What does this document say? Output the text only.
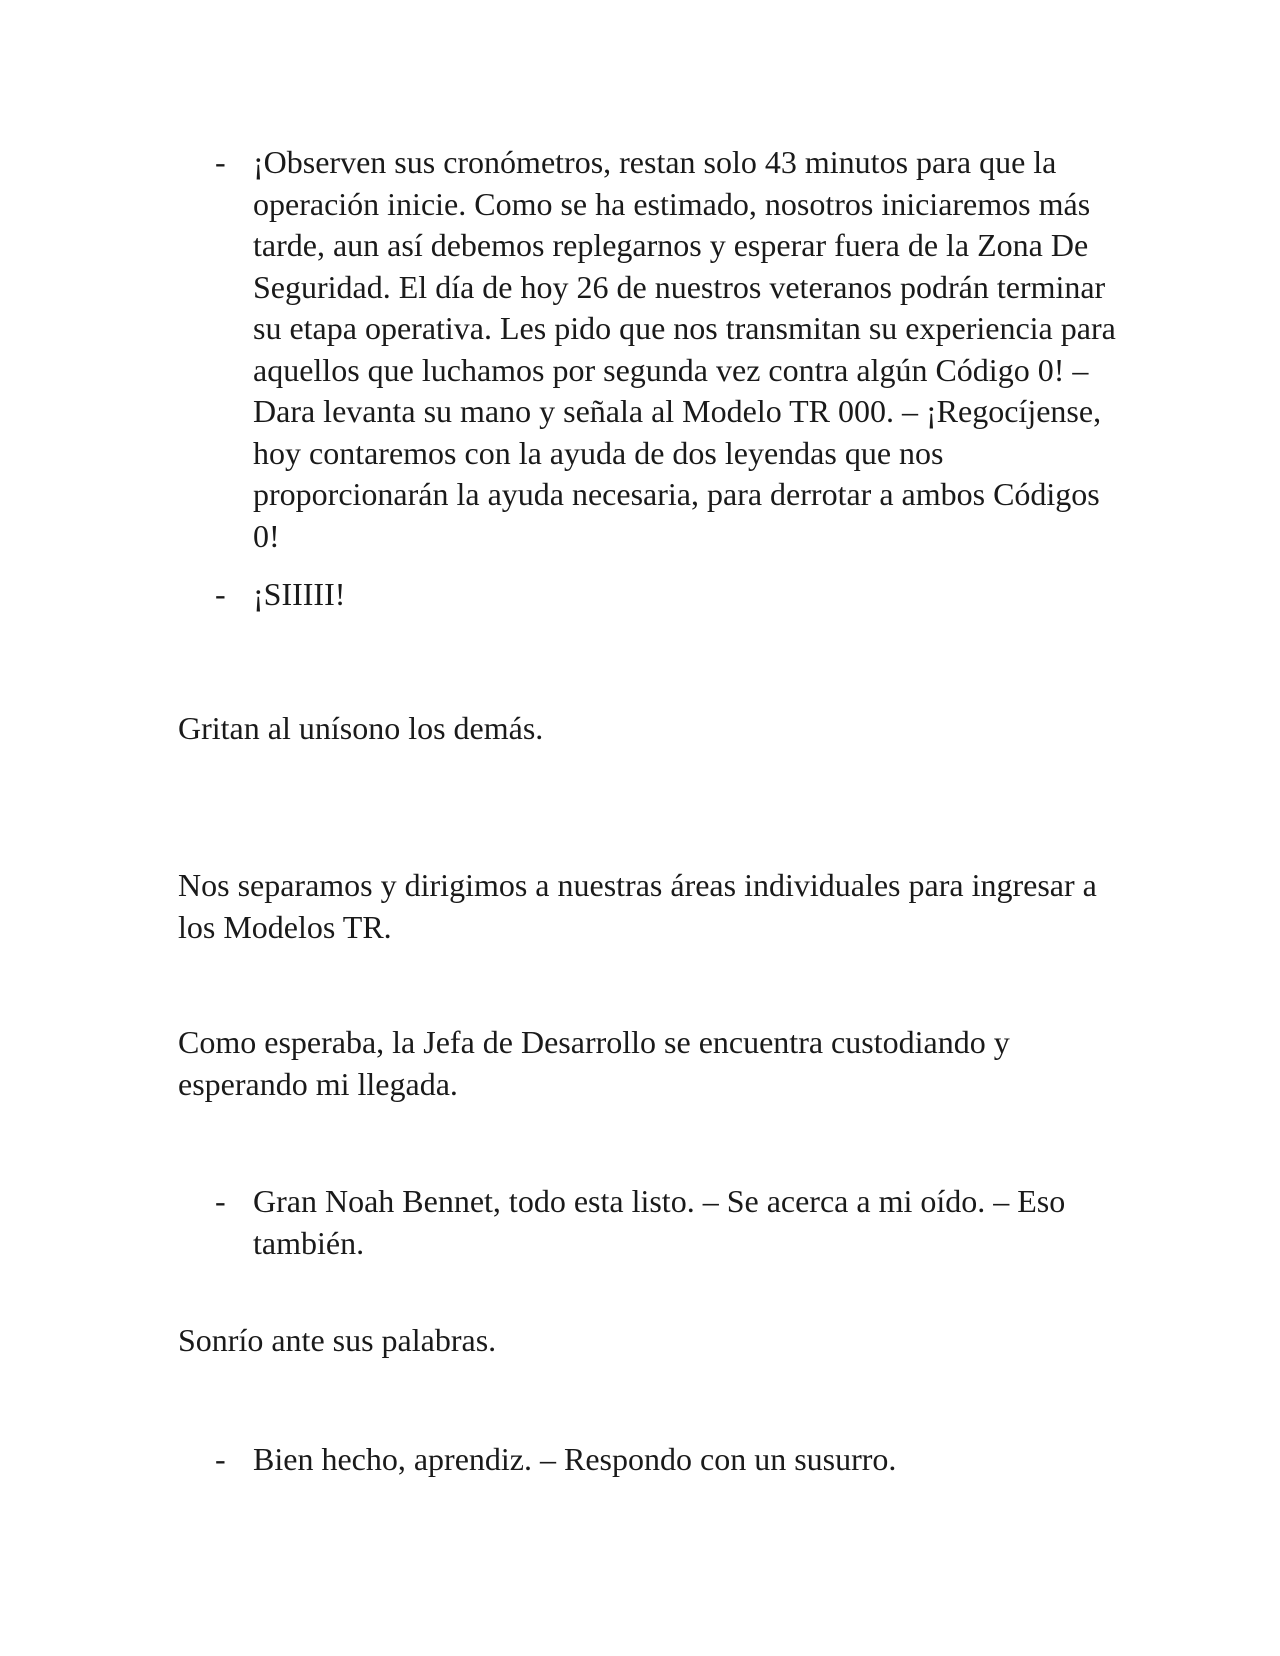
- ¡Observen sus cronómetros, restan solo 43 minutos para que la operación inicie. Como se ha estimado, nosotros iniciaremos más tarde, aun así debemos replegarnos y esperar fuera de la Zona De Seguridad. El día de hoy 26 de nuestros veteranos podrán terminar su etapa operativa. Les pido que nos transmitan su experiencia para aquellos que luchamos por segunda vez contra algún Código 0! – Dara levanta su mano y señala al Modelo TR 000. – ¡Regocíjense, hoy contaremos con la ayuda de dos leyendas que nos proporcionarán la ayuda necesaria, para derrotar a ambos Códigos 0!

- ¡SIIIII!

Gritan al unísono los demás.

Nos separamos y dirigimos a nuestras áreas individuales para ingresar a los Modelos TR.

Como esperaba, la Jefa de Desarrollo se encuentra custodiando y esperando mi llegada.

- Gran Noah Bennet, todo esta listo. – Se acerca a mi oído. – Eso también.

Sonrío ante sus palabras.

- Bien hecho, aprendiz. – Respondo con un susurro.
